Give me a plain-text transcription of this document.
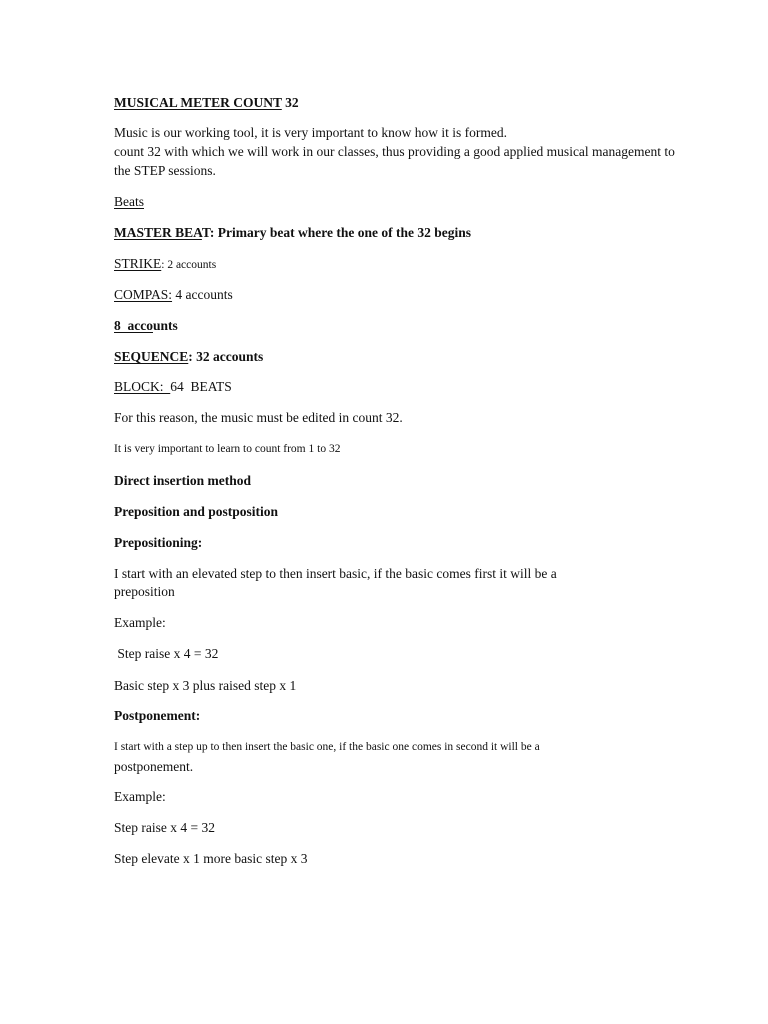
MUSICAL METER COUNT 32
Music is our working tool, it is very important to know how it is formed.
count 32 with which we will work in our classes, thus providing a good applied musical management to
the STEP sessions.
Beats
MASTER BEAT: Primary beat where the one of the 32 begins
STRIKE: 2 accounts
COMPAS: 4 accounts
8  accounts
SEQUENCE: 32 accounts
BLOCK:  64  BEATS
For this reason, the music must be edited in count 32.
It is very important to learn to count from 1 to 32
Direct insertion method
Preposition and postposition
Prepositioning:
I start with an elevated step to then insert basic, if the basic comes first it will be a
preposition
Example:
Step raise x 4 = 32
Basic step x 3 plus raised step x 1
Postponement:
I start with a step up to then insert the basic one, if the basic one comes in second it will be a
postponement.
Example:
Step raise x 4 = 32
Step elevate x 1 more basic step x 3
